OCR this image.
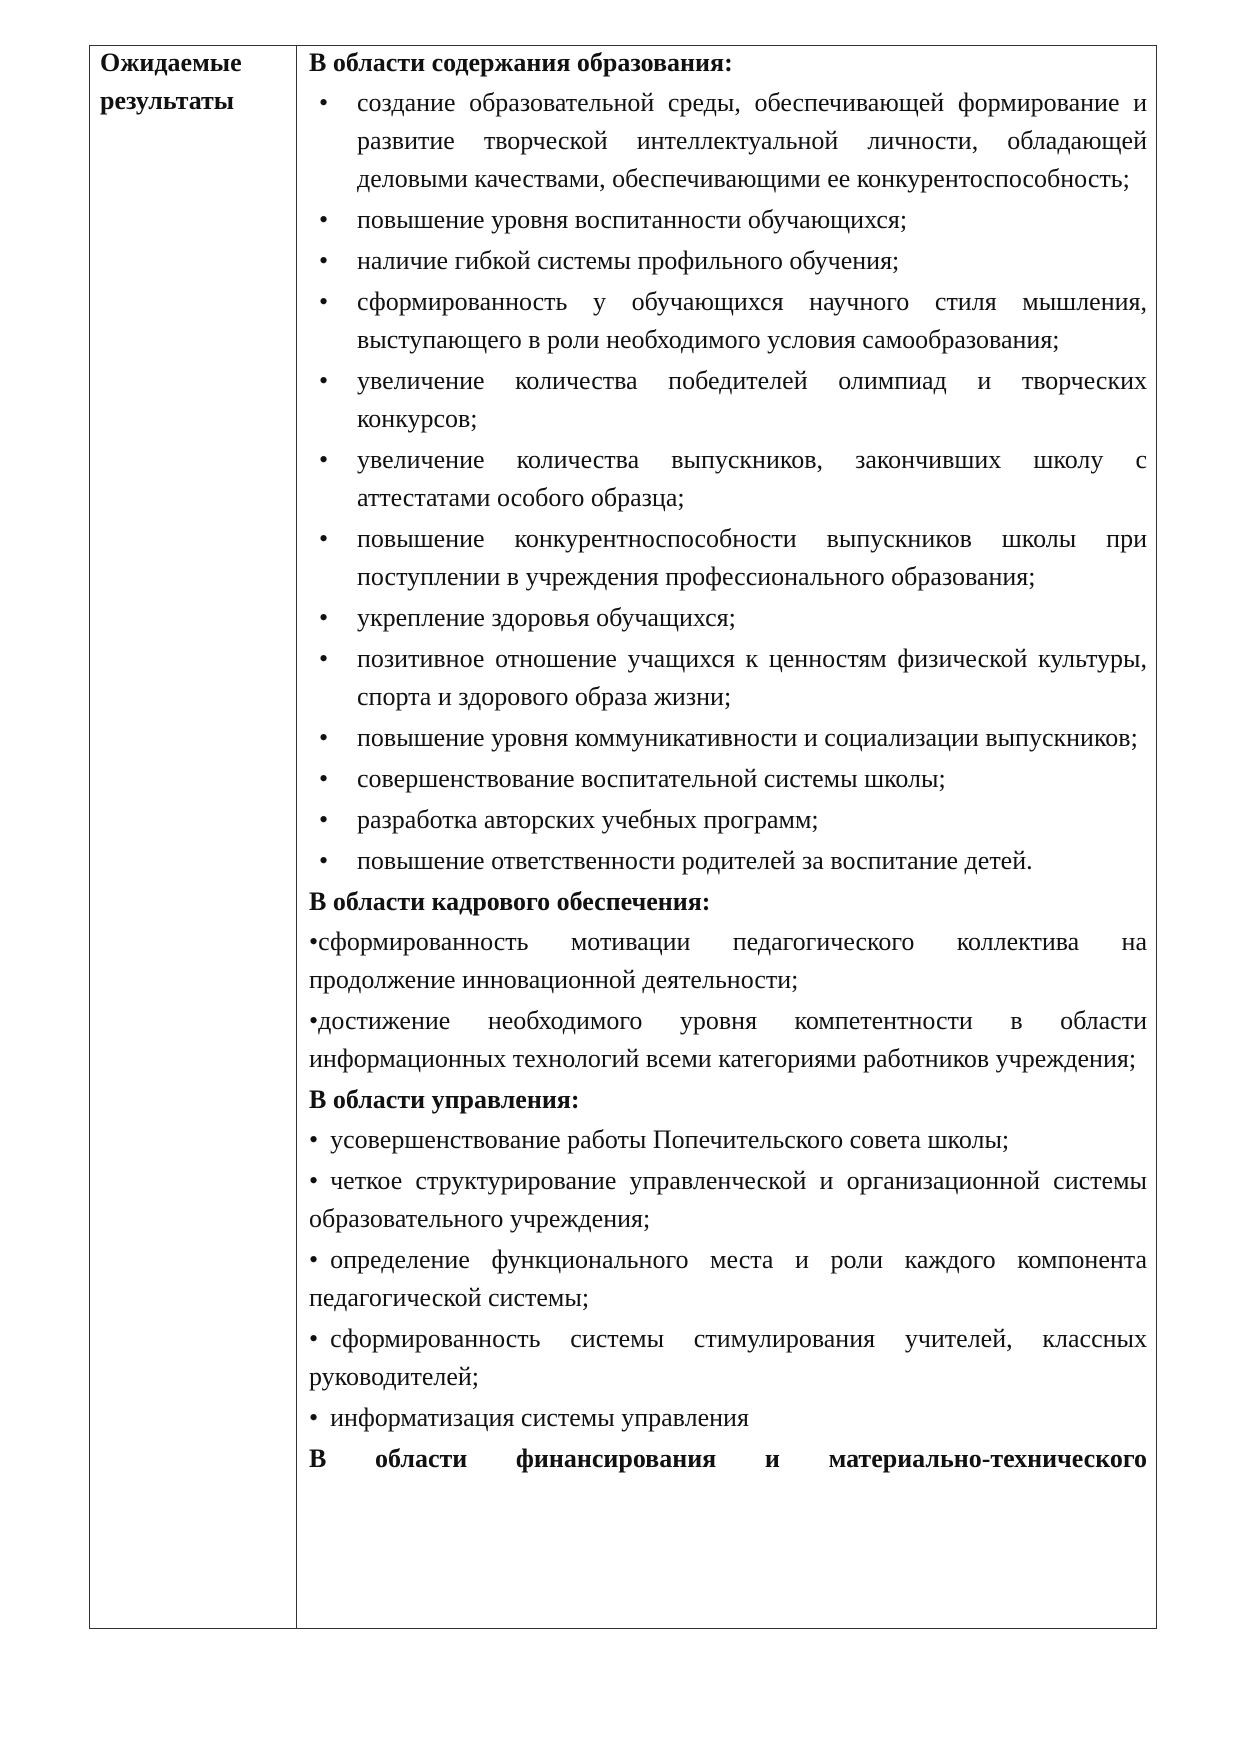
Ожидаемые результаты
В области содержания образования:
• создание образовательной среды, обеспечивающей формирование и развитие творческой интеллектуальной личности, обладающей деловыми качествами, обеспечивающими ее конкурентоспособность;
• повышение уровня воспитанности обучающихся;
• наличие гибкой системы профильного обучения;
• сформированность у обучающихся научного стиля мышления, выступающего в роли необходимого условия самообразования;
• увеличение количества победителей олимпиад и творческих конкурсов;
• увеличение количества выпускников, закончивших школу с аттестатами особого образца;
• повышение конкурентноспособности выпускников школы при поступлении в учреждения профессионального образования;
• укрепление здоровья обучащихся;
• позитивное отношение учащихся к ценностям физической культуры, спорта и здорового образа жизни;
• повышение уровня коммуникативности и социализации выпускников;
• совершенствование воспитательной системы школы;
• разработка авторских учебных программ;
• повышение ответственности родителей за воспитание детей.
В области кадрового обеспечения:
•сформированность мотивации педагогического коллектива на продолжение инновационной деятельности;
•достижение необходимого уровня компетентности в области информационных технологий всеми категориями работников учреждения;
В области управления:
• усовершенствование работы Попечительского совета школы;
• четкое структурирование управленческой и организационной системы образовательного учреждения;
• определение функционального места и роли каждого компонента педагогической системы;
• сформированность системы стимулирования учителей, классных руководителей;
• информатизация системы управления
В области финансирования и материально-технического
